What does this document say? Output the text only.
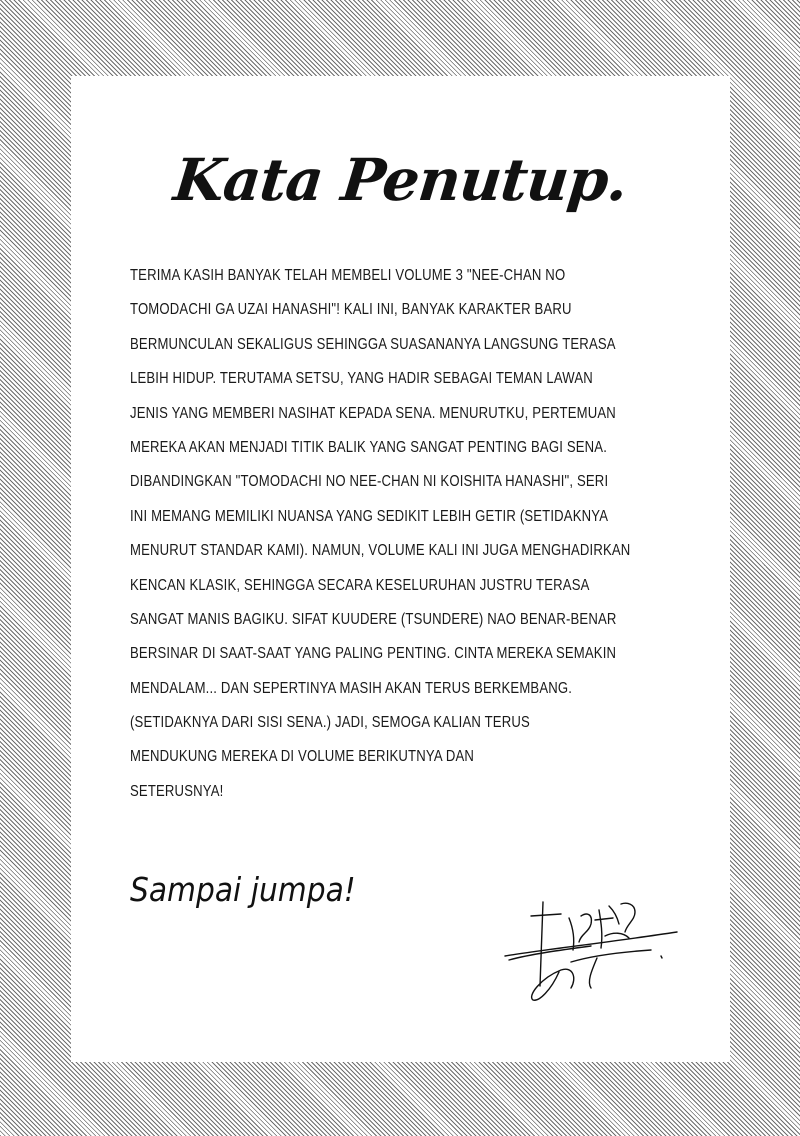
Kata Penutup.
TERIMA KASIH BANYAK TELAH MEMBELI VOLUME 3 "NEE-CHAN NO
TOMODACHI GA UZAI HANASHI"! KALI INI, BANYAK KARAKTER BARU
BERMUNCULAN SEKALIGUS SEHINGGA SUASANANYA LANGSUNG TERASA
LEBIH HIDUP. TERUTAMA SETSU, YANG HADIR SEBAGAI TEMAN LAWAN
JENIS YANG MEMBERI NASIHAT KEPADA SENA. MENURUTKU, PERTEMUAN
MEREKA AKAN MENJADI TITIK BALIK YANG SANGAT PENTING BAGI SENA.
DIBANDINGKAN "TOMODACHI NO NEE-CHAN NI KOISHITA HANASHI", SERI
INI MEMANG MEMILIKI NUANSA YANG SEDIKIT LEBIH GETIR (SETIDAKNYA
MENURUT STANDAR KAMI). NAMUN, VOLUME KALI INI JUGA MENGHADIRKAN
KENCAN KLASIK, SEHINGGA SECARA KESELURUHAN JUSTRU TERASA
SANGAT MANIS BAGIKU. SIFAT KUUDERE (TSUNDERE) NAO BENAR-BENAR
BERSINAR DI SAAT-SAAT YANG PALING PENTING. CINTA MEREKA SEMAKIN
MENDALAM... DAN SEPERTINYA MASIH AKAN TERUS BERKEMBANG.
(SETIDAKNYA DARI SISI SENA.) JADI, SEMOGA KALIAN TERUS
MENDUKUNG MEREKA DI VOLUME BERIKUTNYA DAN
SETERUSNYA!
Sampai jumpa!
